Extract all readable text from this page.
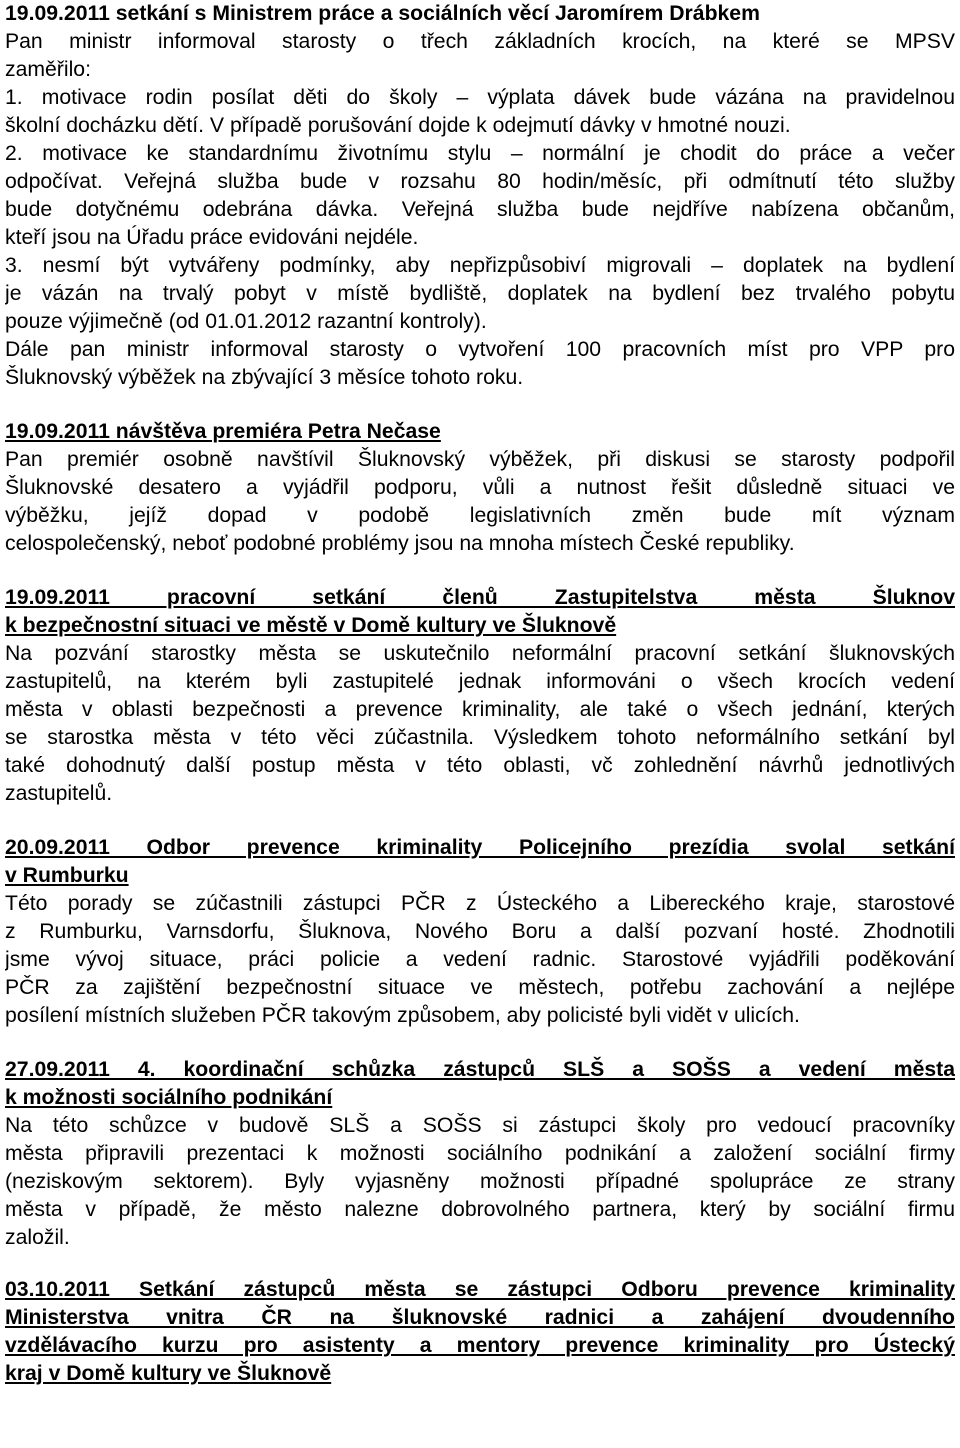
19.09.2011 setkání s Ministrem práce a sociálních věcí Jaromírem Drábkem
Pan ministr informoval starosty o třech základních krocích, na které se MPSV
zaměřilo:
1. motivace rodin posílat děti do školy – výplata dávek bude vázána na pravidelnou
školní docházku dětí. V případě porušování dojde k odejmutí dávky v hmotné nouzi.
2. motivace ke standardnímu životnímu stylu – normální je chodit do práce a večer
odpočívat. Veřejná služba bude v rozsahu 80 hodin/měsíc, při odmítnutí této služby
bude dotyčnému odebrána dávka. Veřejná služba bude nejdříve nabízena občanům,
kteří jsou na Úřadu práce evidováni nejdéle.
3. nesmí být vytvářeny podmínky, aby nepřizpůsobiví migrovali – doplatek na bydlení
je vázán na trvalý pobyt v místě bydliště, doplatek na bydlení bez trvalého pobytu
pouze výjimečně (od 01.01.2012 razantní kontroly).
Dále pan ministr informoval starosty o vytvoření 100 pracovních míst pro VPP pro
Šluknovský výběžek na zbývající 3 měsíce tohoto roku.
19.09.2011 návštěva premiéra Petra Nečase
Pan premiér osobně navštívil Šluknovský výběžek, při diskusi se starosty podpořil
Šluknovské desatero a vyjádřil podporu, vůli a nutnost řešit důsledně situaci ve
výběžku, jejíž dopad v podobě legislativních změn bude mít význam
celospolečenský, neboť podobné problémy jsou na mnoha místech České republiky.
19.09.2011 pracovní setkání členů Zastupitelstva města Šluknov
k bezpečnostní situaci ve městě v Domě kultury ve Šluknově
Na pozvání starostky města se uskutečnilo neformální pracovní setkání šluknovských
zastupitelů, na kterém byli zastupitelé jednak informováni o všech krocích vedení
města v oblasti bezpečnosti a prevence kriminality, ale také o všech jednání, kterých
se starostka města v této věci zúčastnila. Výsledkem tohoto neformálního setkání byl
také dohodnutý další postup města v této oblasti, vč zohlednění návrhů jednotlivých
zastupitelů.
20.09.2011 Odbor prevence kriminality Policejního prezídia svolal setkání
v Rumburku
Této porady se zúčastnili zástupci PČR z Ústeckého a Libereckého kraje, starostové
z Rumburku, Varnsdorfu, Šluknova, Nového Boru a další pozvaní hosté. Zhodnotili
jsme vývoj situace, práci policie a vedení radnic. Starostové vyjádřili poděkování
PČR za zajištění bezpečnostní situace ve městech, potřebu zachování a nejlépe
posílení místních služeben PČR takovým způsobem, aby policisté byli vidět v ulicích.
27.09.2011 4. koordinační schůzka zástupců SLŠ a SOŠS a vedení města
k možnosti sociálního podnikání
Na této schůzce v budově SLŠ a SOŠS si zástupci školy pro vedoucí pracovníky
města připravili prezentaci k možnosti sociálního podnikání a založení sociální firmy
(neziskovým sektorem). Byly vyjasněny možnosti případné spolupráce ze strany
města v případě, že město nalezne dobrovolného partnera, který by sociální firmu
založil.
03.10.2011 Setkání zástupců města se zástupci Odboru prevence kriminality
Ministerstva vnitra ČR na šluknovské radnici a zahájení dvoudenního
vzdělávacího kurzu pro asistenty a mentory prevence kriminality pro Ústecký
kraj v Domě kultury ve Šluknově
